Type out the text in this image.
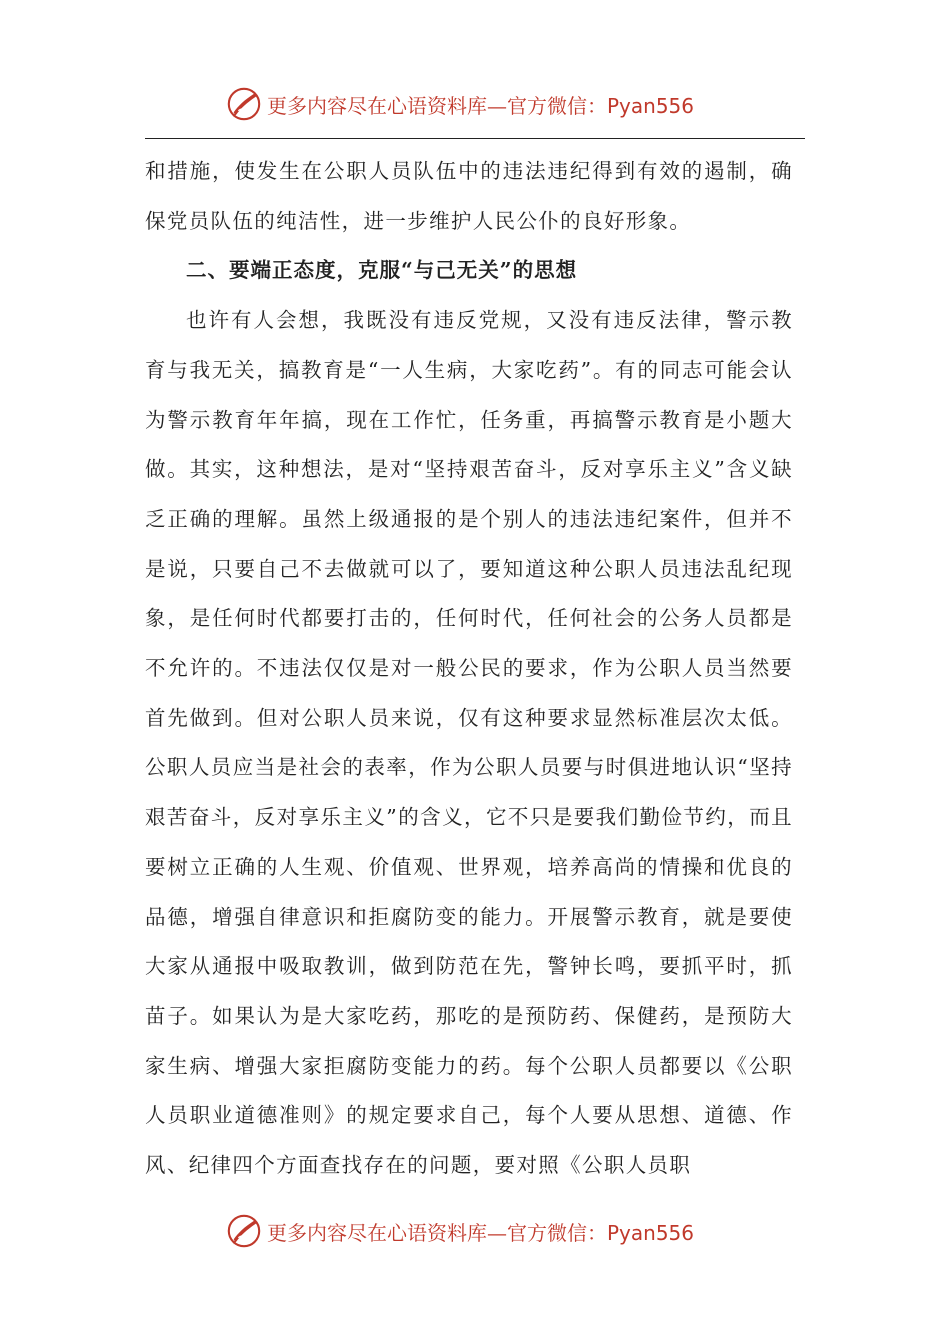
更多内容尽在心语资料库—官方微信：Pyan556

和措施，使发生在公职人员队伍中的违法违纪得到有效的遏制，确保党员队伍的纯洁性，进一步维护人民公仆的良好形象。

二、要端正态度，克服“与己无关”的思想

也许有人会想，我既没有违反党规，又没有违反法律，警示教育与我无关，搞教育是“一人生病，大家吃药”。有的同志可能会认为警示教育年年搞，现在工作忙，任务重，再搞警示教育是小题大做。其实，这种想法，是对“坚持艰苦奋斗，反对享乐主义”含义缺乏正确的理解。虽然上级通报的是个别人的违法违纪案件，但并不是说，只要自己不去做就可以了，要知道这种公职人员违法乱纪现象，是任何时代都要打击的，任何时代，任何社会的公务人员都是不允许的。不违法仅仅是对一般公民的要求，作为公职人员当然要首先做到。但对公职人员来说，仅有这种要求显然标准层次太低。公职人员应当是社会的表率，作为公职人员要与时俱进地认识“坚持艰苦奋斗，反对享乐主义”的含义，它不只是要我们勤俭节约，而且要树立正确的人生观、价值观、世界观，培养高尚的情操和优良的品德，增强自律意识和拒腐防变的能力。开展警示教育，就是要使大家从通报中吸取教训，做到防范在先，警钟长鸣，要抓平时，抓苗子。如果认为是大家吃药，那吃的是预防药、保健药，是预防大家生病、增强大家拒腐防变能力的药。每个公职人员都要以《公职人员职业道德准则》的规定要求自己，每个人要从思想、道德、作风、纪律四个方面查找存在的问题，要对照《公职人员职

更多内容尽在心语资料库—官方微信：Pyan556
